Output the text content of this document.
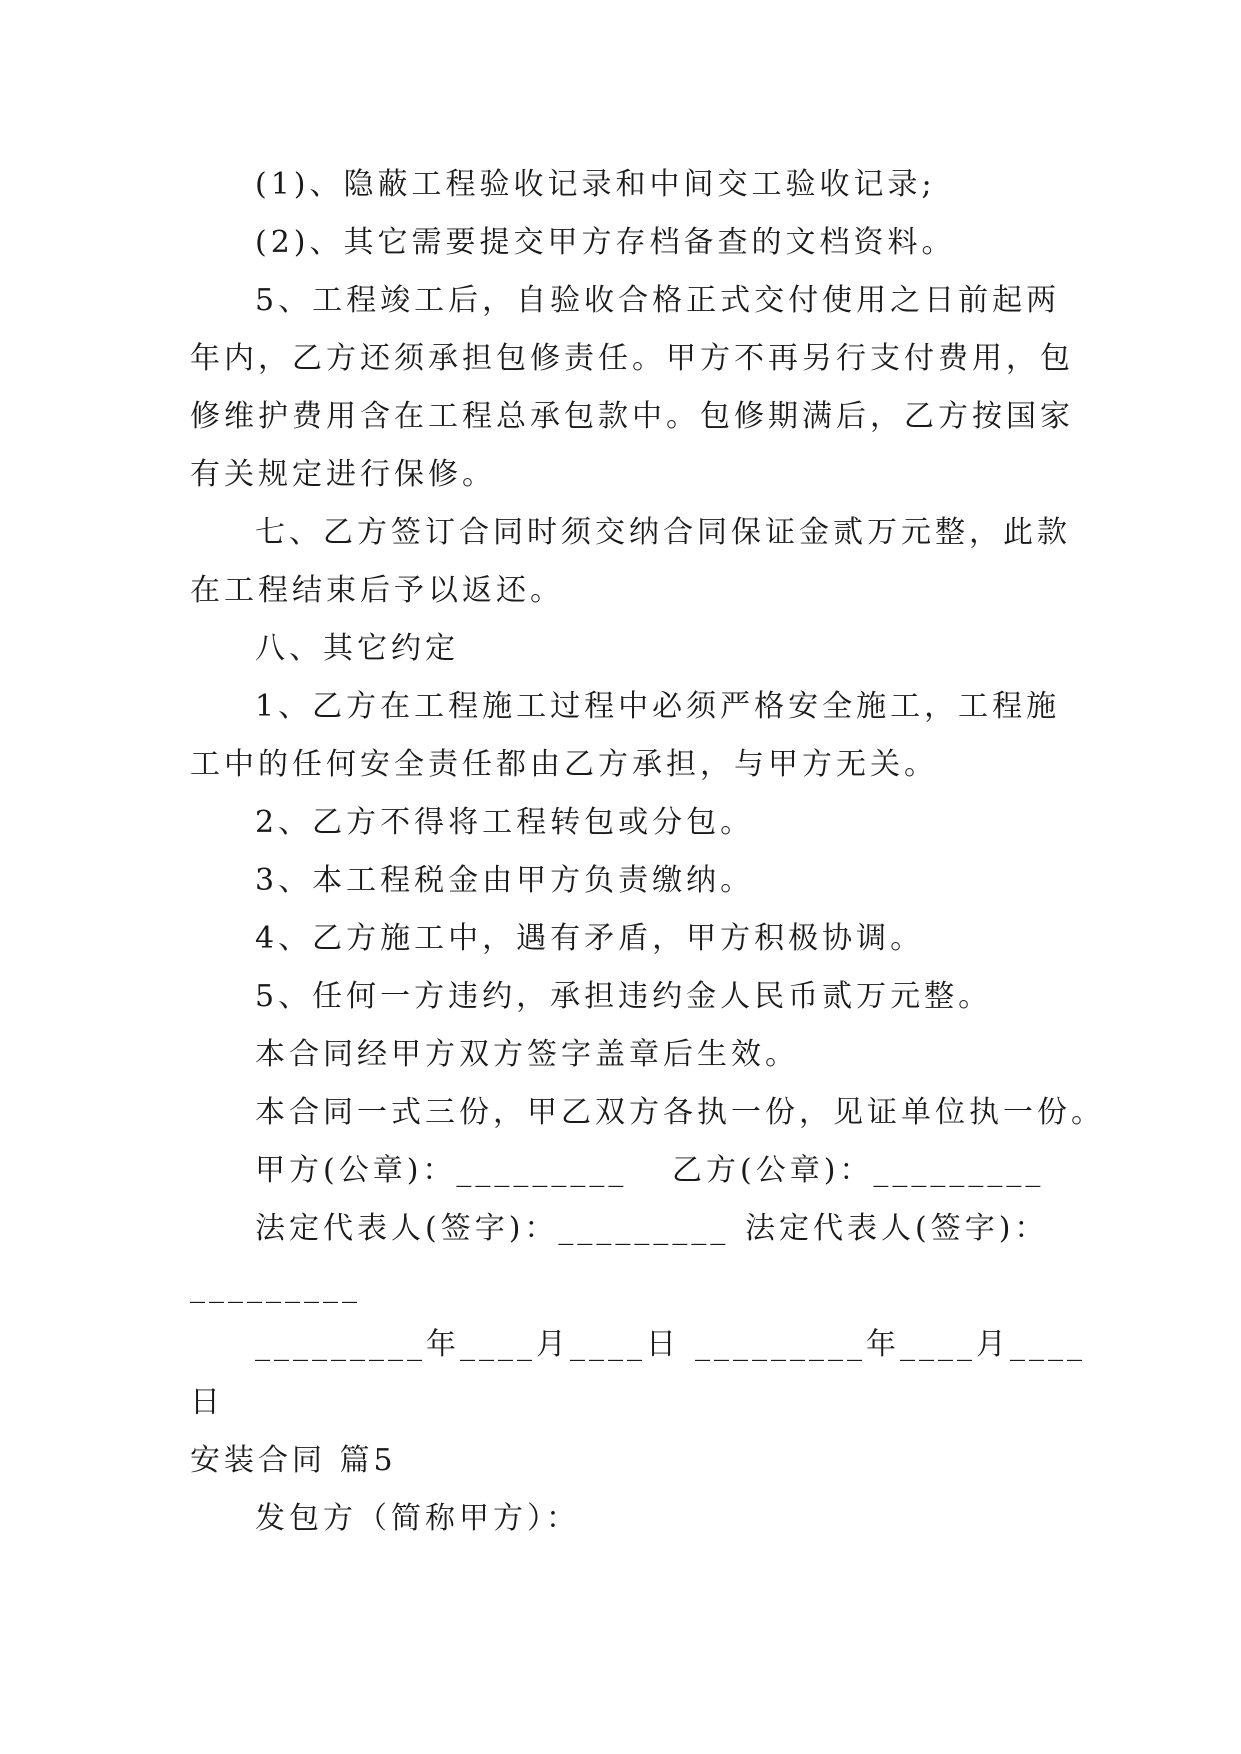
(1)、隐蔽工程验收记录和中间交工验收记录;
(2)、其它需要提交甲方存档备查的文档资料。
5、工程竣工后，自验收合格正式交付使用之日前起两
年内，乙方还须承担包修责任。甲方不再另行支付费用，包
修维护费用含在工程总承包款中。包修期满后，乙方按国家
有关规定进行保修。
七、乙方签订合同时须交纳合同保证金贰万元整，此款
在工程结束后予以返还。
八、其它约定
1、乙方在工程施工过程中必须严格安全施工，工程施
工中的任何安全责任都由乙方承担，与甲方无关。
2、乙方不得将工程转包或分包。
3、本工程税金由甲方负责缴纳。
4、乙方施工中，遇有矛盾，甲方积极协调。
5、任何一方违约，承担违约金人民币贰万元整。
本合同经甲方双方签字盖章后生效。
本合同一式三份，甲乙双方各执一份，见证单位执一份。
甲方(公章)：_________	乙方(公章)：_________
法定代表人(签字)：_________ 法定代表人(签字)：
_________
_________年____月____日 _________年____月____
日
安装合同 篇5
发包方（简称甲方）：
